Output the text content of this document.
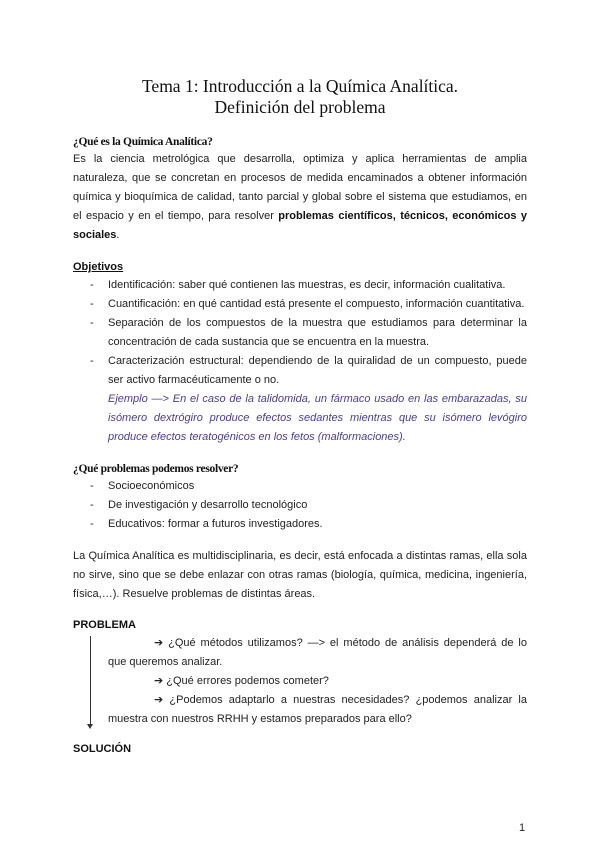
Tema 1: Introducción a la Química Analítica.
Definición del problema
¿Qué es la Química Analítica?
Es la ciencia metrológica que desarrolla, optimiza y aplica herramientas de amplia naturaleza, que se concretan en procesos de medida encaminados a obtener información química y bioquímica de calidad, tanto parcial y global sobre el sistema que estudiamos, en el espacio y en el tiempo, para resolver problemas científicos, técnicos, económicos y sociales.
Objetivos
- Identificación: saber qué contienen las muestras, es decir, información cualitativa.
- Cuantificación: en qué cantidad está presente el compuesto, información cuantitativa.
- Separación de los compuestos de la muestra que estudiamos para determinar la concentración de cada sustancia que se encuentra en la muestra.
- Caracterización estructural: dependiendo de la quiralidad de un compuesto, puede ser activo farmacéuticamente o no.
Ejemplo —> En el caso de la talidomida, un fármaco usado en las embarazadas, su isómero dextrógiro produce efectos sedantes mientras que su isómero levógiro produce efectos teratogénicos en los fetos (malformaciones).
¿Qué problemas podemos resolver?
- Socioeconómicos
- De investigación y desarrollo tecnológico
- Educativos: formar a futuros investigadores.
La Química Analítica es multidisciplinaria, es decir, está enfocada a distintas ramas, ella sola no sirve, sino que se debe enlazar con otras ramas (biología, química, medicina, ingeniería, física,…). Resuelve problemas de distintas áreas.
PROBLEMA

➔ ¿Qué métodos utilizamos? —> el método de análisis dependerá de lo que queremos analizar.

➔ ¿Qué errores podemos cometer?

➔ ¿Podemos adaptarlo a nuestras necesidades? ¿podemos analizar la muestra con nuestros RRHH y estamos preparados para ello?

SOLUCIÓN
1
